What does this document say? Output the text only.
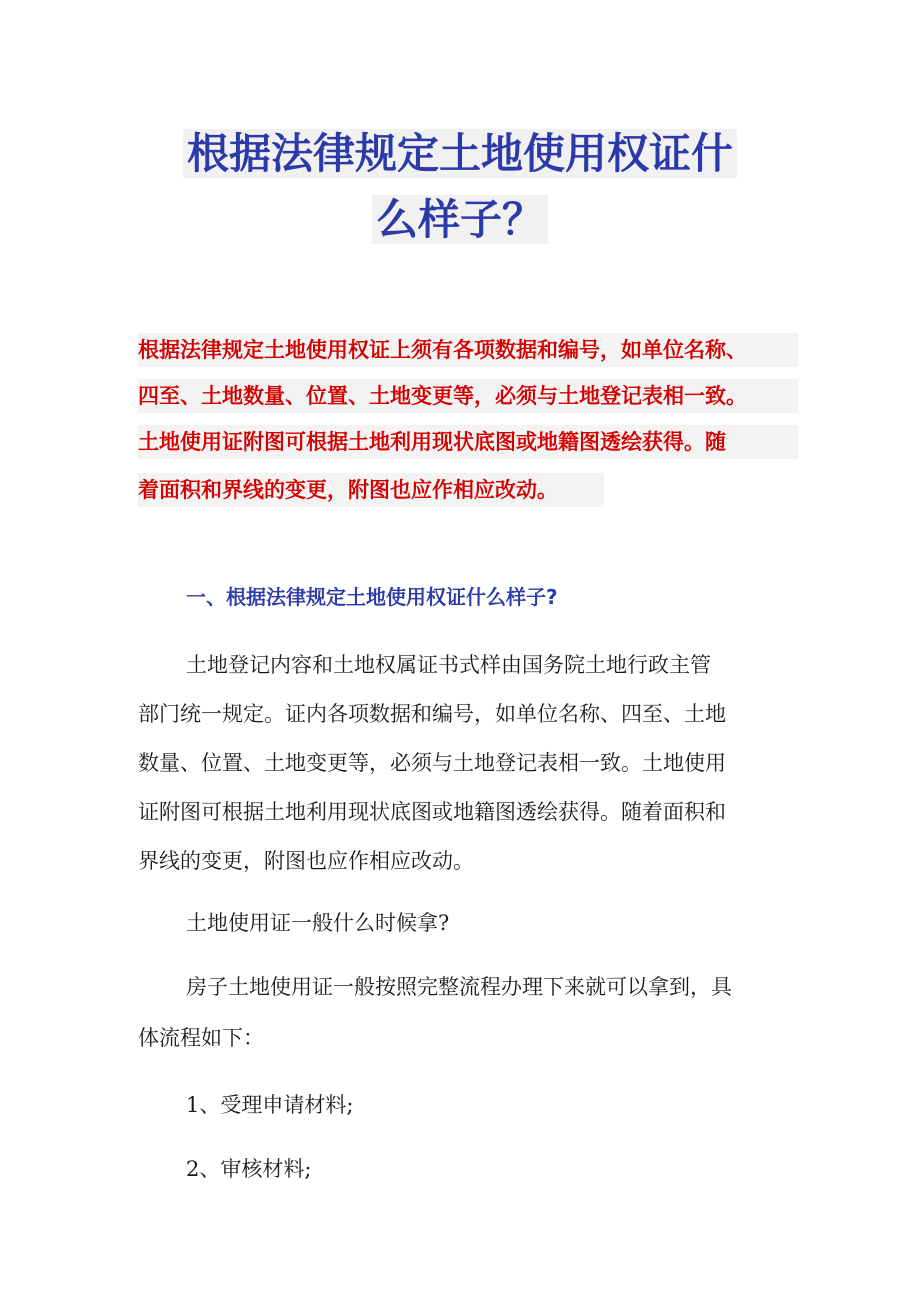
根据法律规定土地使用权证什
么样子？
根据法律规定土地使用权证上须有各项数据和编号，如单位名称、
四至、土地数量、位置、土地变更等，必须与土地登记表相一致。
土地使用证附图可根据土地利用现状底图或地籍图透绘获得。随
着面积和界线的变更，附图也应作相应改动。
一、根据法律规定土地使用权证什么样子?
土地登记内容和土地权属证书式样由国务院土地行政主管
部门统一规定。证内各项数据和编号，如单位名称、四至、土地
数量、位置、土地变更等，必须与土地登记表相一致。土地使用
证附图可根据土地利用现状底图或地籍图透绘获得。随着面积和
界线的变更，附图也应作相应改动。
土地使用证一般什么时候拿?
房子土地使用证一般按照完整流程办理下来就可以拿到，具
体流程如下：
1、受理申请材料;
2、审核材料;
